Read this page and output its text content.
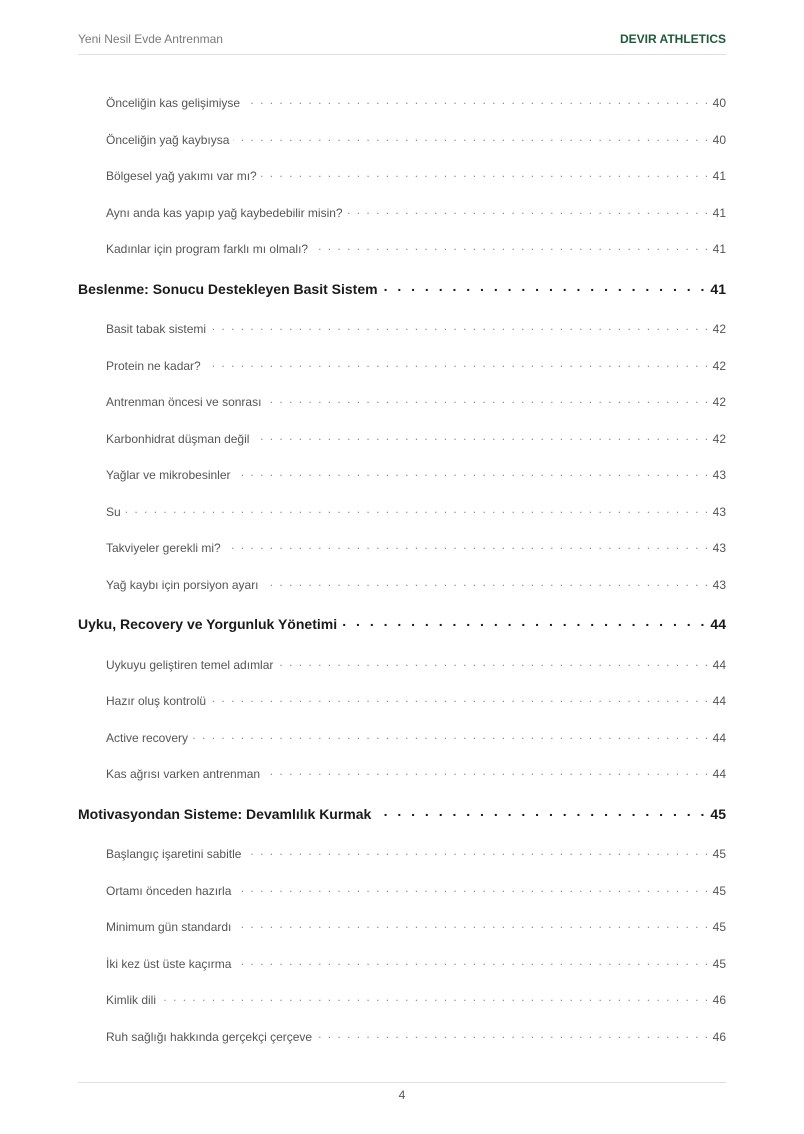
Yeni Nesil Evde Antrenman	DEVIR ATHLETICS
Önceliğin kas gelişimiyse . . .	40
Önceliğin yağ kaybıysa . . .	40
Bölgesel yağ yakımı var mı? . . .	41
Aynı anda kas yapıp yağ kaybedebilir misin? . . .	41
Kadınlar için program farklı mı olmalı? . . .	41
Beslenme: Sonucu Destekleyen Basit Sistem . . .	41
Basit tabak sistemi . . .	42
Protein ne kadar? . . .	42
Antrenman öncesi ve sonrası . . .	42
Karbonhidrat düşman değil . . .	42
Yağlar ve mikrobesinler . . .	43
Su . . .	43
Takviyeler gerekli mi? . . .	43
Yağ kaybı için porsiyon ayarı . . .	43
Uyku, Recovery ve Yorgunluk Yönetimi . . .	44
Uykuyu geliştiren temel adımlar . . .	44
Hazır oluş kontrolü . . .	44
Active recovery . . .	44
Kas ağrısı varken antrenman . . .	44
Motivasyondan Sisteme: Devamlılık Kurmak . . .	45
Başlangıç işaretini sabitle . . .	45
Ortamı önceden hazırla . . .	45
Minimum gün standardı . . .	45
İki kez üst üste kaçırma . . .	45
Kimlik dili . . .	46
Ruh sağlığı hakkında gerçekçi çerçeve . . .	46
4
